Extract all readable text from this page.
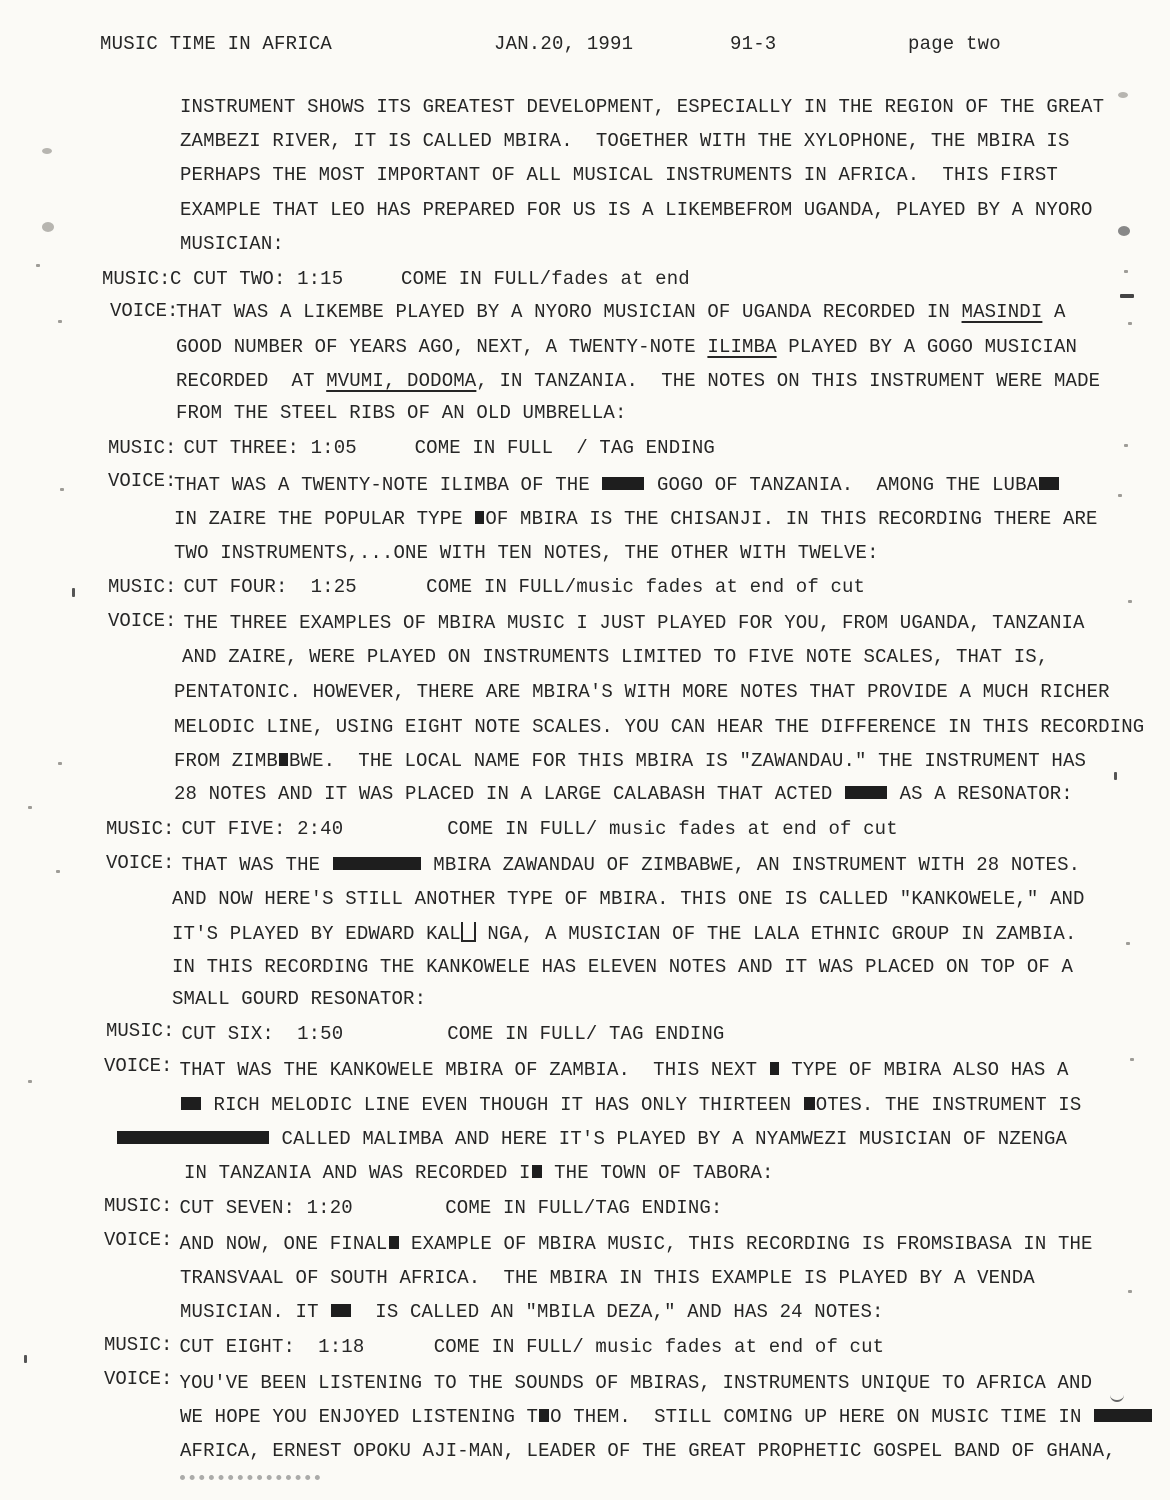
MUSIC TIME IN AFRICA	JAN.20, 1991	91-3	page two
INSTRUMENT SHOWS ITS GREATEST DEVELOPMENT, ESPECIALLY IN THE REGION OF THE GREAT
ZAMBEZI RIVER, IT IS CALLED MBIRA.  TOGETHER WITH THE XYLOPHONE, THE MBIRA IS
PERHAPS THE MOST IMPORTANT OF ALL MUSICAL INSTRUMENTS IN AFRICA.  THIS FIRST
EXAMPLE THAT LEO HAS PREPARED FOR US IS A LIKEMBEFROM UGANDA, PLAYED BY A NYORO
MUSICIAN:
MUSIC: C CUT TWO: 1:15     COME IN FULL/fades at end
VOICE:
THAT WAS A LIKEMBE PLAYED BY A NYORO MUSICIAN OF UGANDA RECORDED IN MASINDI A
GOOD NUMBER OF YEARS AGO, NEXT, A TWENTY-NOTE ILIMBA PLAYED BY A GOGO MUSICIAN
RECORDED  AT MVUMI, DODOMA, IN TANZANIA.  THE NOTES ON THIS INSTRUMENT WERE MADE
FROM THE STEEL RIBS OF AN OLD UMBRELLA:
MUSIC:
CUT THREE: 1:05     COME IN FULL  / TAG ENDING
VOICE:
THAT WAS A TWENTY-NOTE ILIMBA OF THE  GOGO OF TANZANIA.  AMONG THE LUBA
IN ZAIRE THE POPULAR TYPE OF MBIRA IS THE CHISANJI. IN THIS RECORDING THERE ARE
TWO INSTRUMENTS,...ONE WITH TEN NOTES, THE OTHER WITH TWELVE:
MUSIC:
CUT FOUR:  1:25      COME IN FULL/music fades at end of cut
VOICE:
THE THREE EXAMPLES OF MBIRA MUSIC I JUST PLAYED FOR YOU, FROM UGANDA, TANZANIA
AND ZAIRE, WERE PLAYED ON INSTRUMENTS LIMITED TO FIVE NOTE SCALES, THAT IS,
PENTATONIC. HOWEVER, THERE ARE MBIRA'S WITH MORE NOTES THAT PROVIDE A MUCH RICHER
MELODIC LINE, USING EIGHT NOTE SCALES. YOU CAN HEAR THE DIFFERENCE IN THIS RECORDING
FROM ZIMB BWE.  THE LOCAL NAME FOR THIS MBIRA IS "ZAWANDAU." THE INSTRUMENT HAS
28 NOTES AND IT WAS PLACED IN A LARGE CALABASH THAT ACTED  AS A RESONATOR:
MUSIC:
CUT FIVE: 2:40         COME IN FULL/ music fades at end of cut
VOICE:
THAT WAS THE	MBIRA ZAWANDAU OF ZIMBABWE, AN INSTRUMENT WITH 28 NOTES.
AND NOW HERE'S STILL ANOTHER TYPE OF MBIRA. THIS ONE IS CALLED "KANKOWELE," AND
IT'S PLAYED BY EDWARD KAL NGA, A MUSICIAN OF THE LALA ETHNIC GROUP IN ZAMBIA.
IN THIS RECORDING THE KANKOWELE HAS ELEVEN NOTES AND IT WAS PLACED ON TOP OF A
SMALL GOURD RESONATOR:
MUSIC:
CUT SIX:  1:50         COME IN FULL/ TAG ENDING
VOICE:
THAT WAS THE KANKOWELE MBIRA OF ZAMBIA.  THIS NEXT  TYPE OF MBIRA ALSO HAS A
RICH MELODIC LINE EVEN THOUGH IT HAS ONLY THIRTEEN OTES. THE INSTRUMENT IS
CALLED MALIMBA AND HERE IT'S PLAYED BY A NYAMWEZI MUSICIAN OF NZENGA
IN TANZANIA AND WAS RECORDED I THE TOWN OF TABORA:
MUSIC:
CUT SEVEN: 1:20        COME IN FULL/TAG ENDING:
VOICE:
AND NOW, ONE FINAL EXAMPLE OF MBIRA MUSIC, THIS RECORDING IS FROMSIBASA IN THE
TRANSVAAL OF SOUTH AFRICA.  THE MBIRA IN THIS EXAMPLE IS PLAYED BY A VENDA
MUSICIAN. IT   IS CALLED AN "MBILA DEZA," AND HAS 24 NOTES:
MUSIC:
CUT EIGHT:  1:18      COME IN FULL/ music fades at end of cut
VOICE:
YOU'VE BEEN LISTENING TO THE SOUNDS OF MBIRAS, INSTRUMENTS UNIQUE TO AFRICA AND
WE HOPE YOU ENJOYED LISTENING T O THEM.  STILL COMING UP HERE ON MUSIC TIME IN
AFRICA, ERNEST OPOKU AJI-MAN, LEADER OF THE GREAT PROPHETIC GOSPEL BAND OF GHANA,
